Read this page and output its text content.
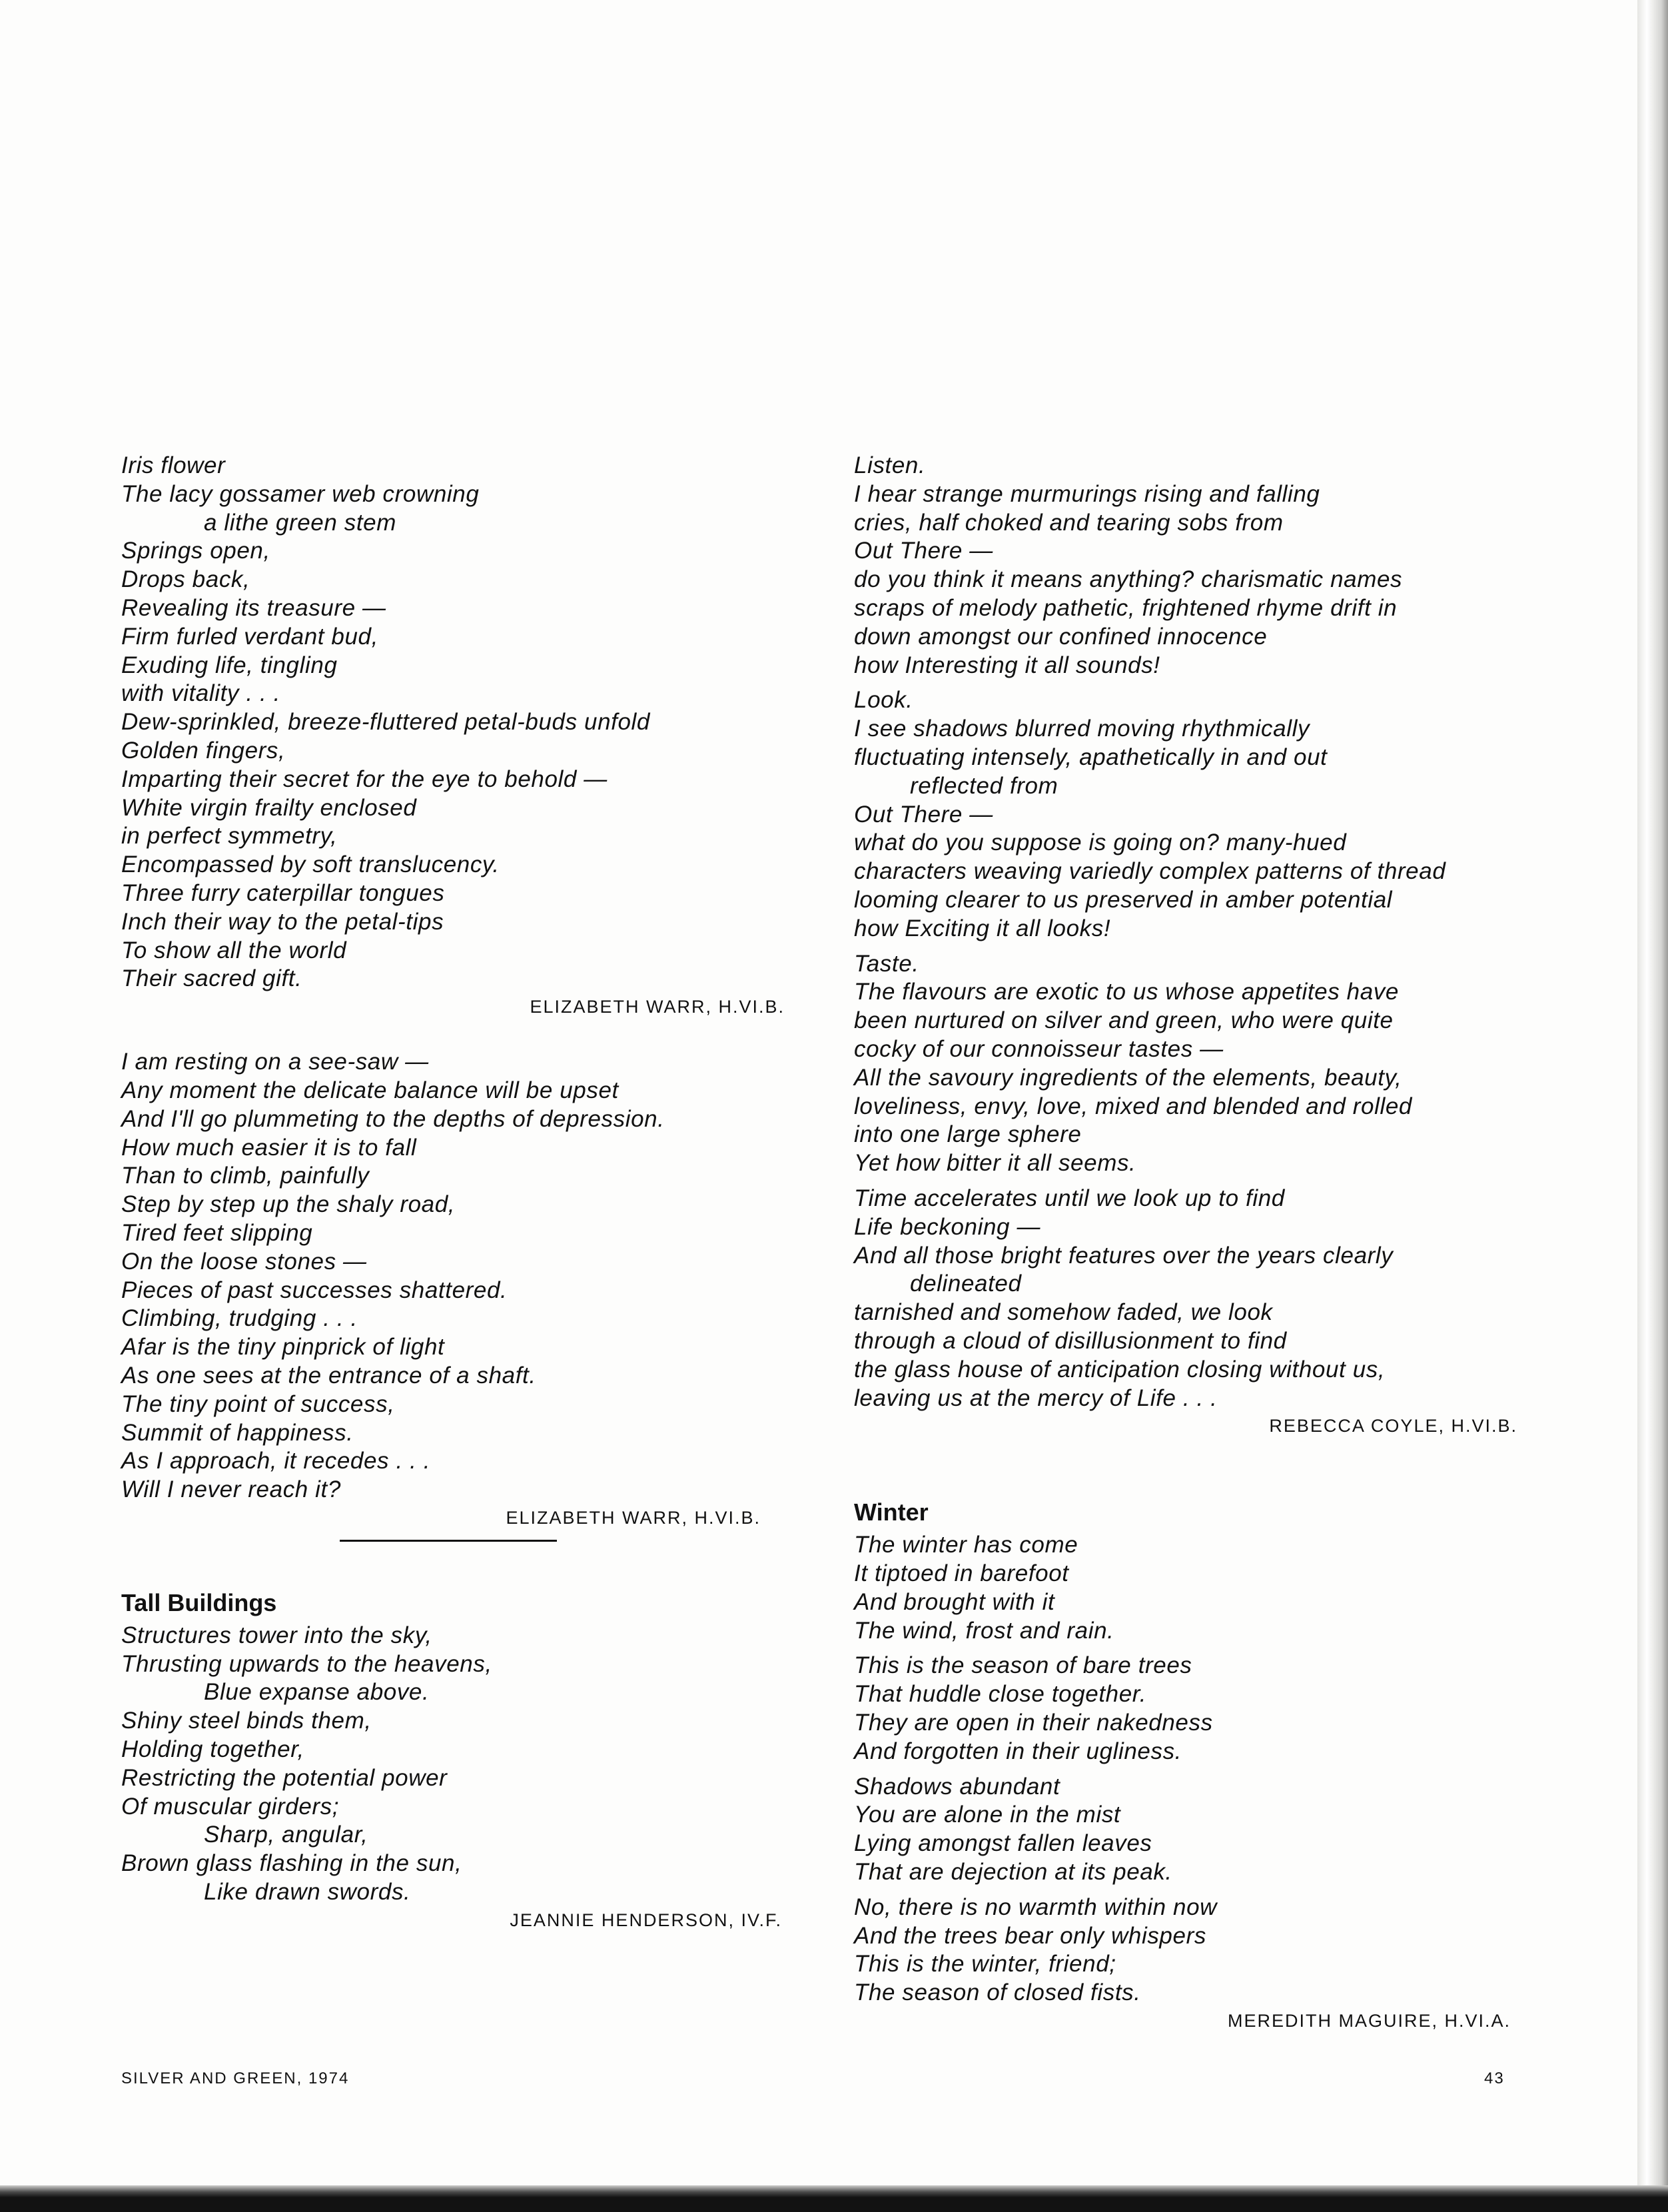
Iris flower
The lacy gossamer web crowning
a lithe green stem
Springs open,
Drops back,
Revealing its treasure —
Firm furled verdant bud,
Exuding life, tingling
with vitality . . .
Dew-sprinkled, breeze-fluttered petal-buds unfold
Golden fingers,
Imparting their secret for the eye to behold —
White virgin frailty enclosed
in perfect symmetry,
Encompassed by soft translucency.
Three furry caterpillar tongues
Inch their way to the petal-tips
To show all the world
Their sacred gift.
ELIZABETH WARR, H.VI.B.
I am resting on a see-saw —
Any moment the delicate balance will be upset
And I'll go plummeting to the depths of depression.
How much easier it is to fall
Than to climb, painfully
Step by step up the shaly road,
Tired feet slipping
On the loose stones —
Pieces of past successes shattered.
Climbing, trudging . . .
Afar is the tiny pinprick of light
As one sees at the entrance of a shaft.
The tiny point of success,
Summit of happiness.
As I approach, it recedes . . .
Will I never reach it?
ELIZABETH WARR, H.VI.B.
Tall Buildings
Structures tower into the sky,
Thrusting upwards to the heavens,
Blue expanse above.
Shiny steel binds them,
Holding together,
Restricting the potential power
Of muscular girders;
Sharp, angular,
Brown glass flashing in the sun,
Like drawn swords.
JEANNIE HENDERSON, IV.F.
Listen.
I hear strange murmurings rising and falling
cries, half choked and tearing sobs from
Out There —
do you think it means anything? charismatic names
scraps of melody pathetic, frightened rhyme drift in
down amongst our confined innocence
how Interesting it all sounds!
Look.
I see shadows blurred moving rhythmically
fluctuating intensely, apathetically in and out
reflected from
Out There —
what do you suppose is going on? many-hued
characters weaving variedly complex patterns of thread
looming clearer to us preserved in amber potential
how Exciting it all looks!
Taste.
The flavours are exotic to us whose appetites have
been nurtured on silver and green, who were quite
cocky of our connoisseur tastes —
All the savoury ingredients of the elements, beauty,
loveliness, envy, love, mixed and blended and rolled
into one large sphere
Yet how bitter it all seems.
Time accelerates until we look up to find
Life beckoning —
And all those bright features over the years clearly
delineated
tarnished and somehow faded, we look
through a cloud of disillusionment to find
the glass house of anticipation closing without us,
leaving us at the mercy of Life . . .
REBECCA COYLE, H.VI.B.
Winter
The winter has come
It tiptoed in barefoot
And brought with it
The wind, frost and rain.
This is the season of bare trees
That huddle close together.
They are open in their nakedness
And forgotten in their ugliness.
Shadows abundant
You are alone in the mist
Lying amongst fallen leaves
That are dejection at its peak.
No, there is no warmth within now
And the trees bear only whispers
This is the winter, friend;
The season of closed fists.
MEREDITH MAGUIRE, H.VI.A.
SILVER AND GREEN, 1974	43
